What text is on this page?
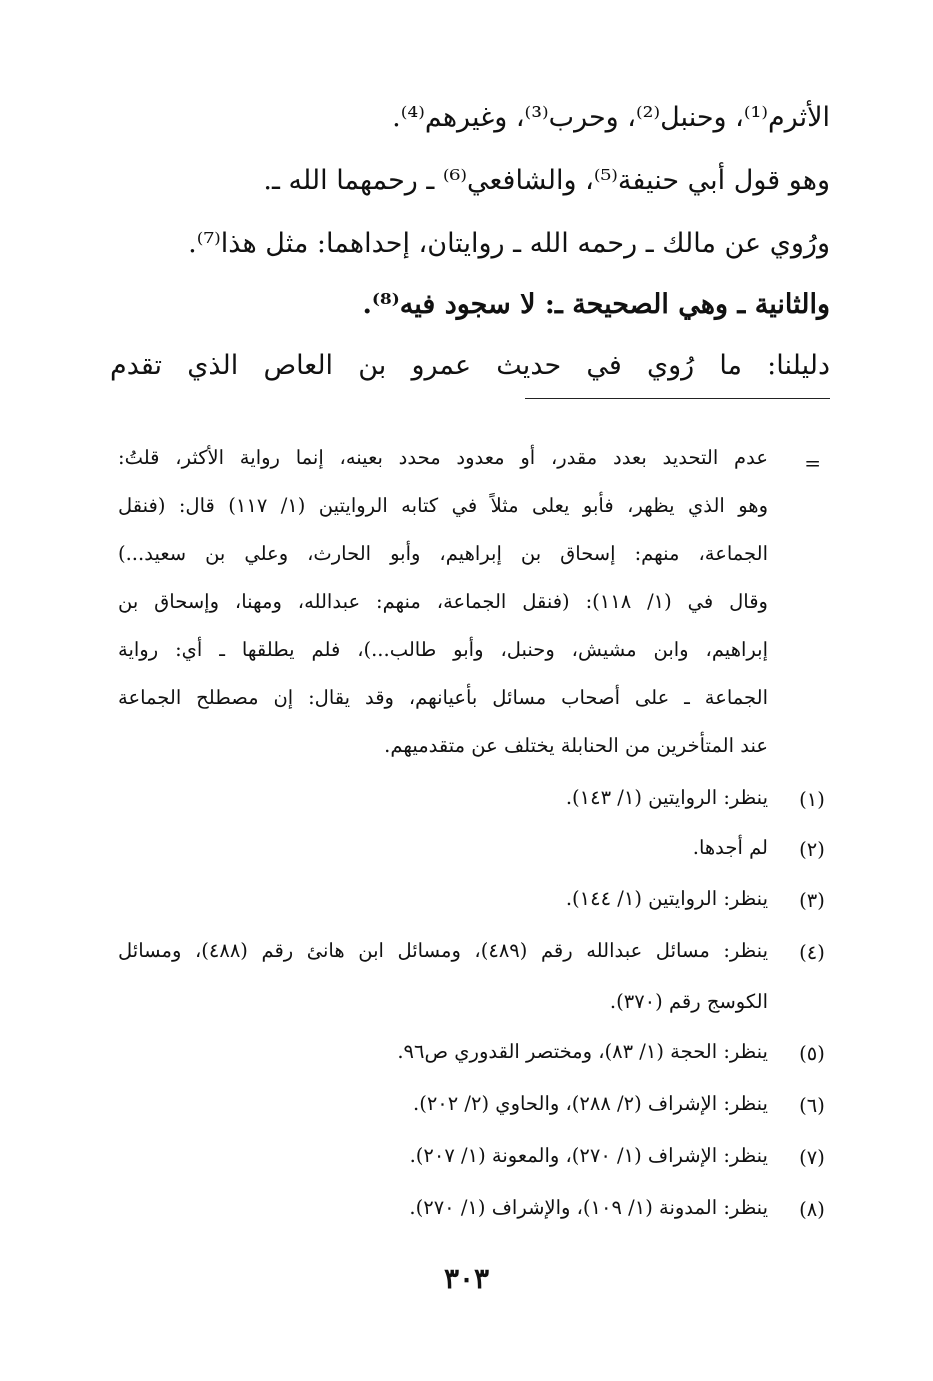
الأثرم⁽¹⁾، وحنبل⁽²⁾، وحرب⁽³⁾، وغيرهم⁽⁴⁾.
وهو قول أبي حنيفة⁽⁵⁾، والشافعي⁽⁶⁾ ـ رحمهما الله ـ.
ورُوي عن مالك ـ رحمه الله ـ روايتان، إحداهما: مثل هذا⁽⁷⁾.
والثانية ـ وهي الصحيحة ـ: لا سجود فيه⁽⁸⁾.
دليلنا: ما رُوي في حديث عمرو بن العاص الذي تقدم
=
عدم التحديد بعدد مقدر، أو معدود محدد بعينه، إنما رواية الأكثر، قلتُ:
وهو الذي يظهر، فأبو يعلى مثلاً في كتابه الروايتين (١/ ١١٧) قال: (فنقل
الجماعة، منهم: إسحاق بن إبراهيم، وأبو الحارث، وعلي بن سعيد...)
وقال في (١/ ١١٨): (فنقل الجماعة، منهم: عبدالله، ومهنا، وإسحاق بن
إبراهيم، وابن مشيش، وحنبل، وأبو طالب...)، فلم يطلقها ـ أي: رواية
الجماعة ـ على أصحاب مسائل بأعيانهم، وقد يقال: إن مصطلح الجماعة
عند المتأخرين من الحنابلة يختلف عن متقدميهم.
(١)
ينظر: الروايتين (١/ ١٤٣).
(٢)
لم أجدها.
(٣)
ينظر: الروايتين (١/ ١٤٤).
(٤)
ينظر: مسائل عبدالله رقم (٤٨٩)، ومسائل ابن هانئ رقم (٤٨٨)، ومسائل
الكوسج رقم (٣٧٠).
(٥)
ينظر: الحجة (١/ ٨٣)، ومختصر القدوري ص٩٦.
(٦)
ينظر: الإشراف (٢/ ٢٨٨)، والحاوي (٢/ ٢٠٢).
(٧)
ينظر: الإشراف (١/ ٢٧٠)، والمعونة (١/ ٢٠٧).
(٨)
ينظر: المدونة (١/ ١٠٩)، والإشراف (١/ ٢٧٠).
٣٠٣
